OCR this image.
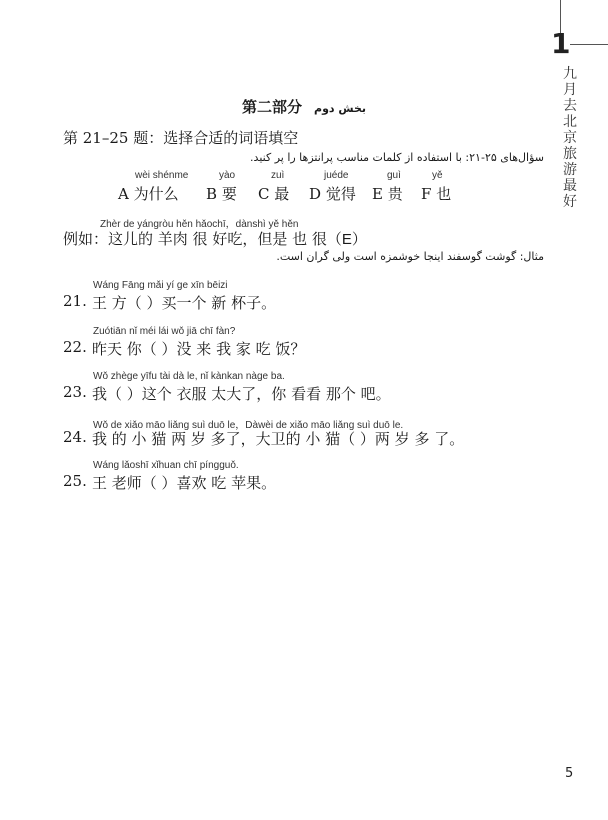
1
九月去北京旅游最好
第二部分 بخش دوم
第 21–25 题：选择合适的词语填空
سؤال‌های ۲۵-۲۱: با استفاده از کلمات مناسب پرانتزها را پر کنید.
wèi shénme	yào	zuì	juéde	guì	yě
A 为什么 B 要 C 最 D 觉得 E 贵 F 也
Zhèr de yángròu hěn hǎochī，dànshì yě hěn
例如：这儿的 羊肉 很 好吃，但是 也 很（E）
مثال: گوشت گوسفند اینجا خوشمزه است ولی گران است.
Wáng Fāng mǎi yí ge xīn bēizi
21. 王 方（ ）买一个 新 杯子。
Zuótiān nǐ méi lái wǒ jiā chī fàn?
22. 昨天 你（ ）没 来 我 家 吃 饭？
Wǒ zhège yīfu tài dà le, nǐ kànkan nàge ba.
23. 我（ ）这个 衣服 太大了，你 看看 那个 吧。
Wǒ de xiǎo māo liǎng suì duō le，Dàwèi de xiǎo māo liǎng suì duō le.
24. 我 的 小 猫 两 岁 多了，大卫的 小 猫（ ）两 岁 多 了。
Wáng lǎoshī xǐhuan chī píngguǒ.
25. 王 老师（ ）喜欢 吃 苹果。
5
